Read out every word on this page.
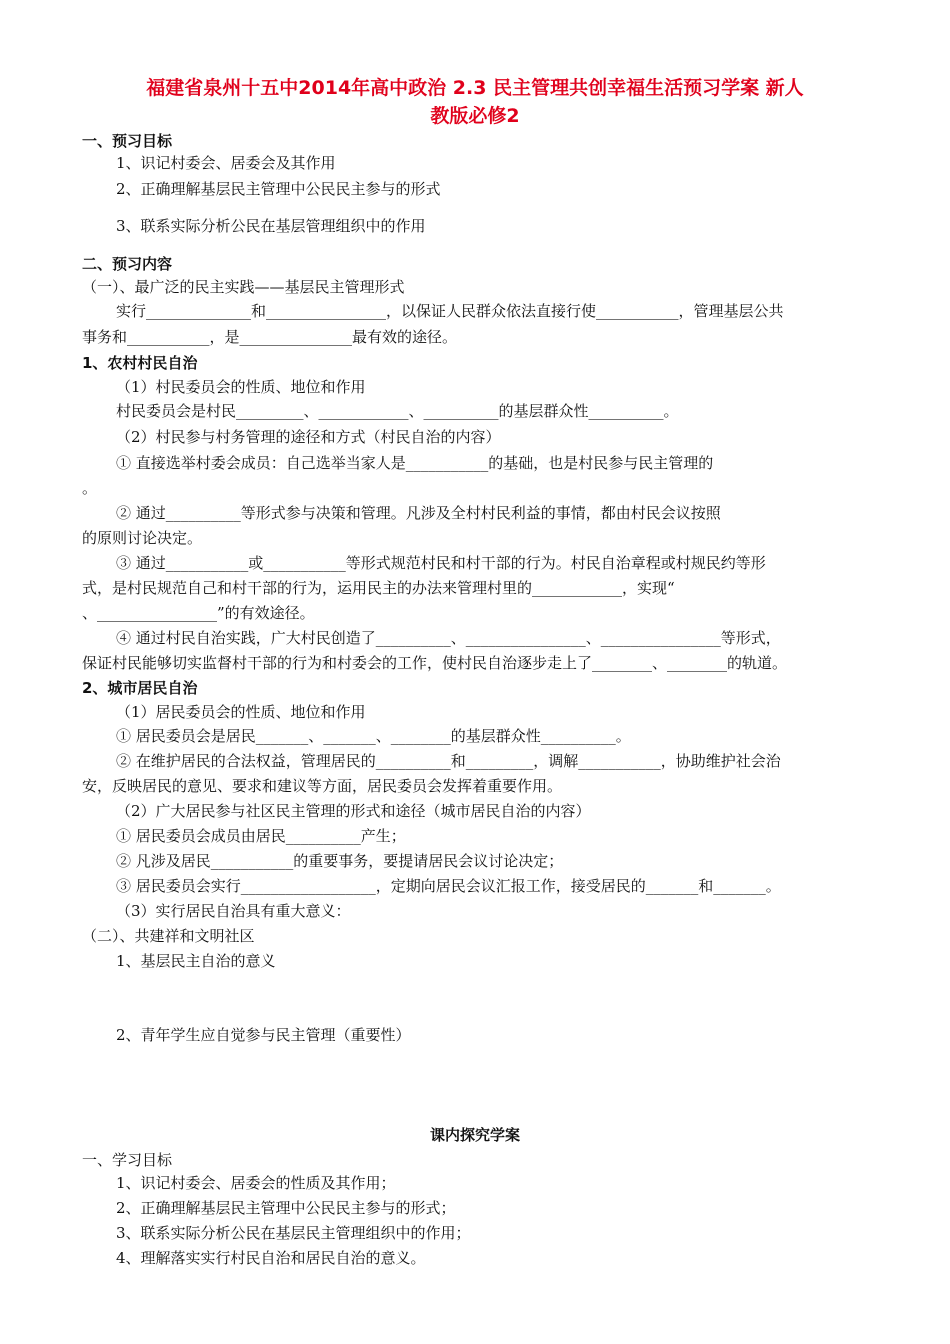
福建省泉州十五中2014年高中政治 2.3 民主管理共创幸福生活预习学案 新人
教版必修2
一、预习目标
1、识记村委会、居委会及其作用
2、正确理解基层民主管理中公民民主参与的形式
3、联系实际分析公民在基层管理组织中的作用
二、预习内容
（一）、最广泛的民主实践——基层民主管理形式
实行______________和________________，以保证人民群众依法直接行使___________，管理基层公共
事务和___________，是_______________最有效的途径。
1、农村村民自治
（1）村民委员会的性质、地位和作用
村民委员会是村民_________、____________、__________的基层群众性__________。
（2）村民参与村务管理的途径和方式（村民自治的内容）
① 直接选举村委会成员：自己选举当家人是___________的基础，也是村民参与民主管理的
。
② 通过__________等形式参与决策和管理。凡涉及全村村民利益的事情，都由村民会议按照
的原则讨论决定。
③ 通过___________或___________等形式规范村民和村干部的行为。村民自治章程或村规民约等形
式，是村民规范自己和村干部的行为，运用民主的办法来管理村里的____________，实现“
、________________”的有效途径。
④ 通过村民自治实践，广大村民创造了__________、________________、________________等形式，
保证村民能够切实监督村干部的行为和村委会的工作，使村民自治逐步走上了________、________的轨道。
2、城市居民自治
（1）居民委员会的性质、地位和作用
① 居民委员会是居民_______、_______、________的基层群众性__________。
② 在维护居民的合法权益，管理居民的__________和_________，调解___________，协助维护社会治
安，反映居民的意见、要求和建议等方面，居民委员会发挥着重要作用。
（2）广大居民参与社区民主管理的形式和途径（城市居民自治的内容）
① 居民委员会成员由居民__________产生；
② 凡涉及居民___________的重要事务，要提请居民会议讨论决定；
③ 居民委员会实行__________________，定期向居民会议汇报工作，接受居民的_______和_______。
（3）实行居民自治具有重大意义：
（二）、共建祥和文明社区
1、基层民主自治的意义
2、青年学生应自觉参与民主管理（重要性）
一、学习目标
1、识记村委会、居委会的性质及其作用；
2、正确理解基层民主管理中公民民主参与的形式；
3、联系实际分析公民在基层民主管理组织中的作用；
4、理解落实实行村民自治和居民自治的意义。
课内探究学案
